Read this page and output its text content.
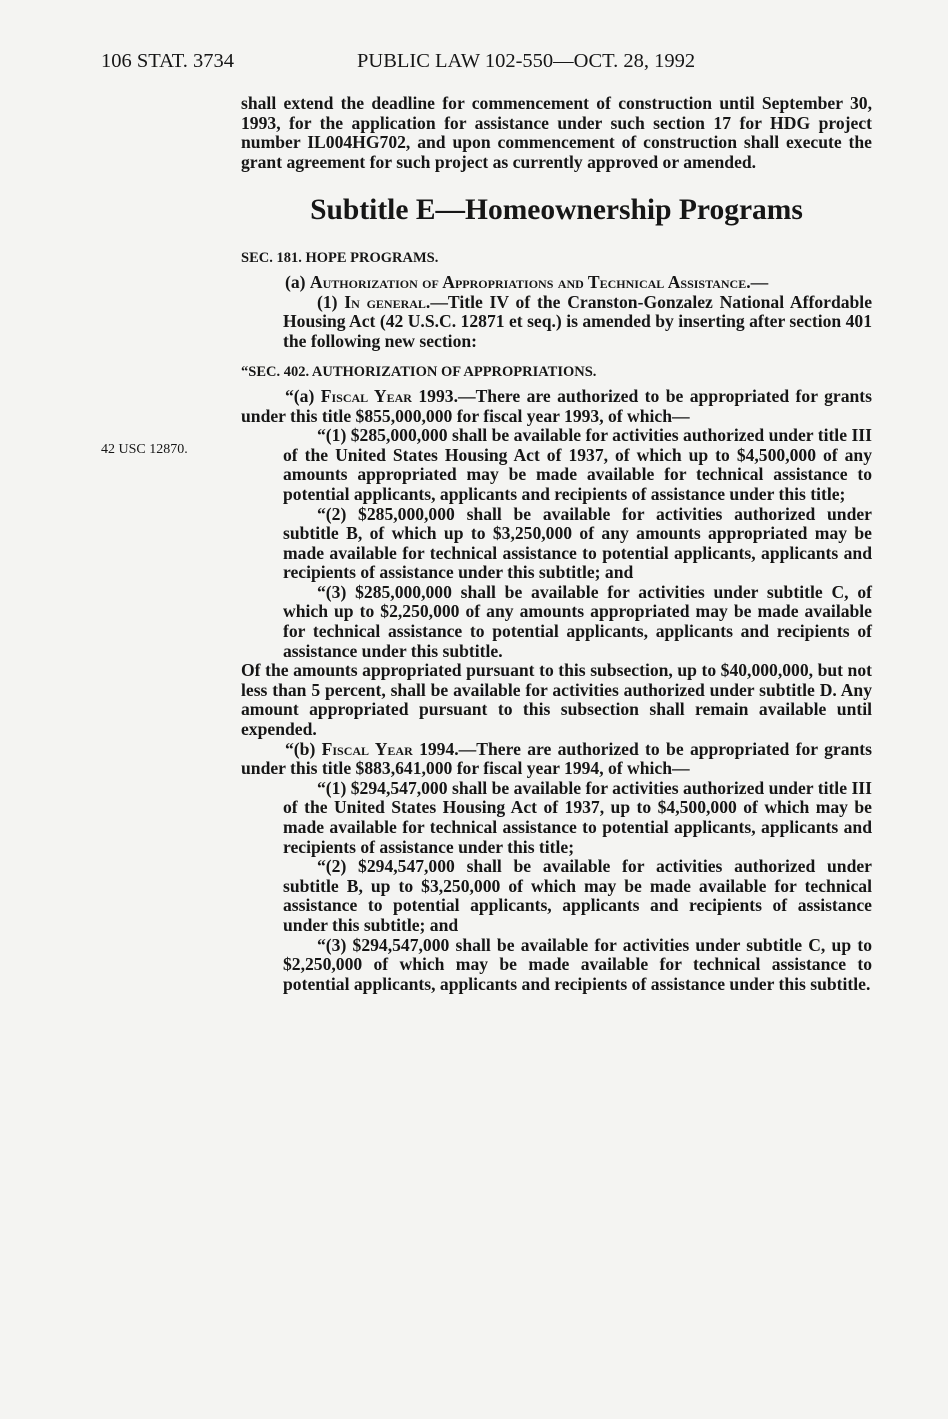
106 STAT. 3734	PUBLIC LAW 102-550—OCT. 28, 1992
42 USC 12870.

shall extend the deadline for commencement of construction until September 30, 1993, for the application for assistance under such section 17 for HDG project number IL004HG702, and upon commencement of construction shall execute the grant agreement for such project as currently approved or amended.

Subtitle E—Homeownership Programs

SEC. 181. HOPE PROGRAMS.

(a) Authorization of Appropriations and Technical Assistance.—

(1) In general.—Title IV of the Cranston-Gonzalez National Affordable Housing Act (42 U.S.C. 12871 et seq.) is amended by inserting after section 401 the following new section:

“SEC. 402. AUTHORIZATION OF APPROPRIATIONS.

“(a) Fiscal Year 1993.—There are authorized to be appropriated for grants under this title $855,000,000 for fiscal year 1993, of which—

“(1) $285,000,000 shall be available for activities authorized under title III of the United States Housing Act of 1937, of which up to $4,500,000 of any amounts appropriated may be made available for technical assistance to potential applicants, applicants and recipients of assistance under this title;

“(2) $285,000,000 shall be available for activities authorized under subtitle B, of which up to $3,250,000 of any amounts appropriated may be made available for technical assistance to potential applicants, applicants and recipients of assistance under this subtitle; and

“(3) $285,000,000 shall be available for activities under subtitle C, of which up to $2,250,000 of any amounts appropriated may be made available for technical assistance to potential applicants, applicants and recipients of assistance under this subtitle.

Of the amounts appropriated pursuant to this subsection, up to $40,000,000, but not less than 5 percent, shall be available for activities authorized under subtitle D. Any amount appropriated pursuant to this subsection shall remain available until expended.

“(b) Fiscal Year 1994.—There are authorized to be appropriated for grants under this title $883,641,000 for fiscal year 1994, of which—

“(1) $294,547,000 shall be available for activities authorized under title III of the United States Housing Act of 1937, up to $4,500,000 of which may be made available for technical assistance to potential applicants, applicants and recipients of assistance under this title;

“(2) $294,547,000 shall be available for activities authorized under subtitle B, up to $3,250,000 of which may be made available for technical assistance to potential applicants, applicants and recipients of assistance under this subtitle; and

“(3) $294,547,000 shall be available for activities under subtitle C, up to $2,250,000 of which may be made available for technical assistance to potential applicants, applicants and recipients of assistance under this subtitle.
